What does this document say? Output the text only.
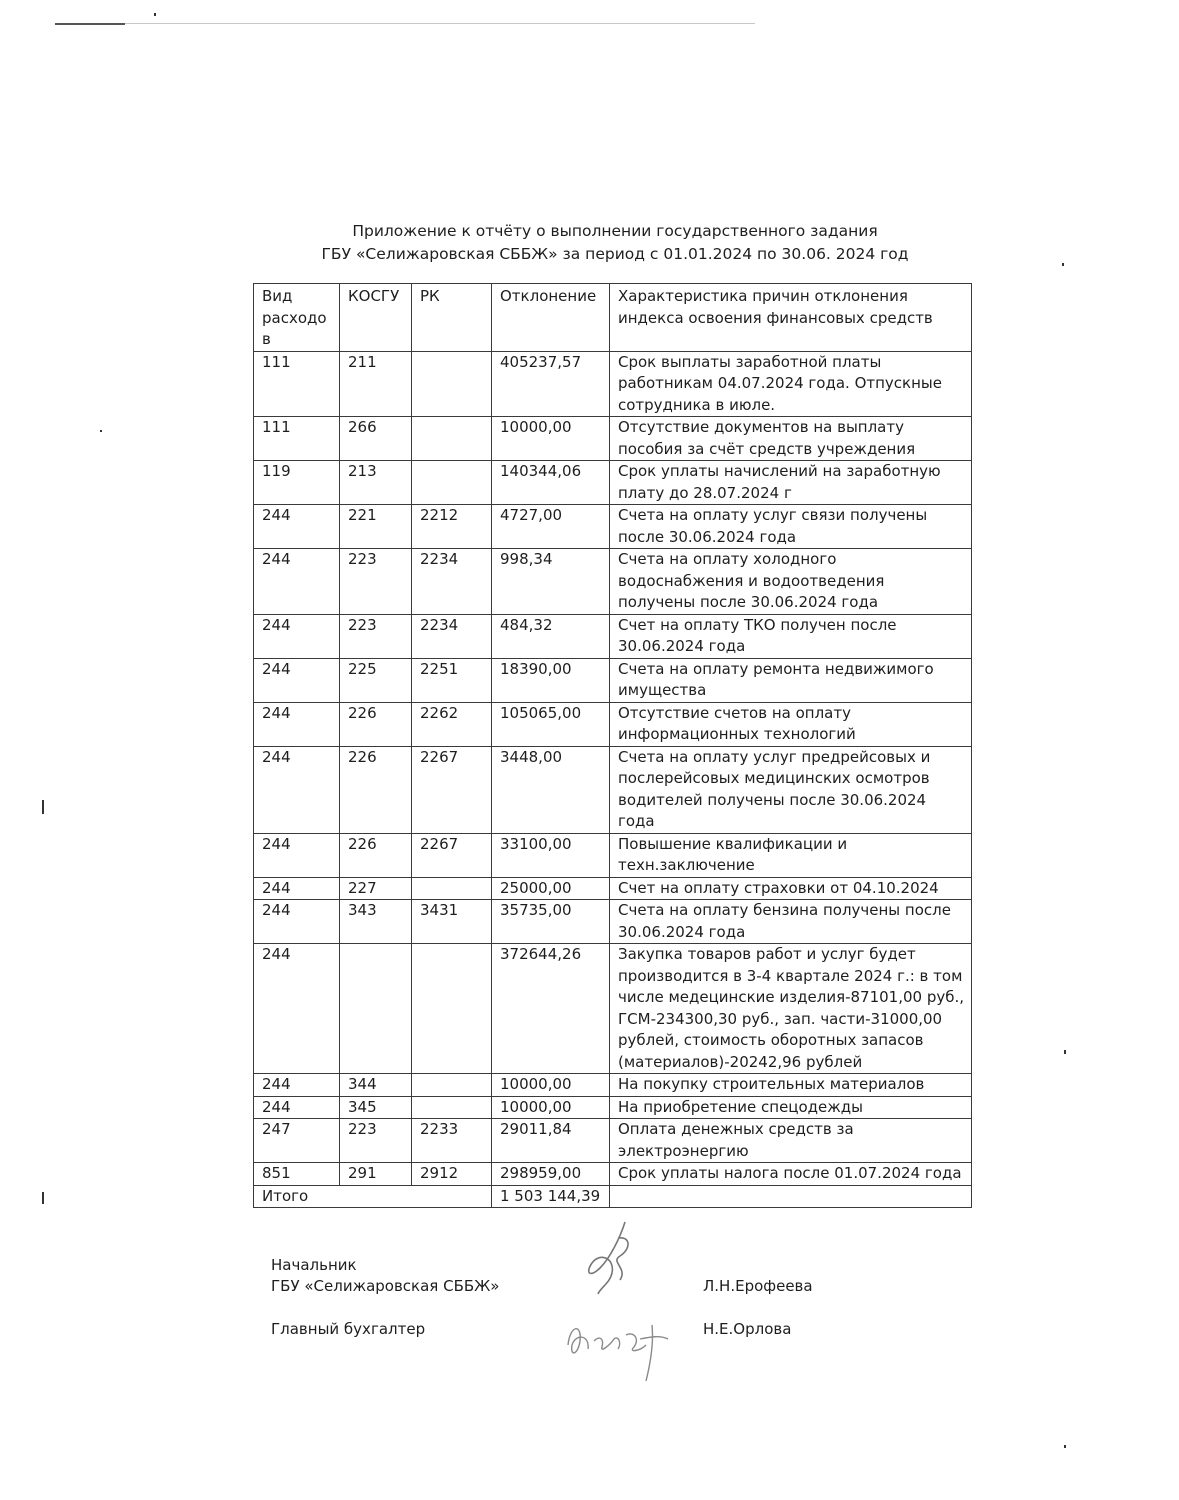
Приложение к отчёту о выполнении государственного задания
ГБУ «Селижаровская СББЖ» за период с 01.01.2024 по 30.06. 2024 год
Вид расходов	КОСГУ	РК	Отклонение	Характеристика причин отклонения индекса освоения финансовых средств
111	211		405237,57	Срок выплаты заработной платы работникам 04.07.2024 года. Отпускные сотрудника в июле.
111	266		10000,00	Отсутствие документов на выплату пособия за счёт средств учреждения
119	213		140344,06	Срок уплаты начислений на заработную плату до 28.07.2024 г
244	221	2212	4727,00	Счета на оплату услуг связи получены после 30.06.2024 года
244	223	2234	998,34	Счета на оплату холодного водоснабжения и водоотведения получены после 30.06.2024 года
244	223	2234	484,32	Счет на оплату ТКО получен после 30.06.2024 года
244	225	2251	18390,00	Счета на оплату ремонта недвижимого имущества
244	226	2262	105065,00	Отсутствие счетов на оплату информационных технологий
244	226	2267	3448,00	Счета на оплату услуг предрейсовых и послерейсовых медицинских осмотров водителей получены после 30.06.2024 года
244	226	2267	33100,00	Повышение квалификации и техн.заключение
244	227		25000,00	Счет на оплату страховки от 04.10.2024
244	343	3431	35735,00	Счета на оплату бензина получены после 30.06.2024 года
244			372644,26	Закупка товаров работ и услуг будет производится в 3-4 квартале 2024 г.: в том числе медецинские изделия-87101,00 руб., ГСМ-234300,30 руб., зап. части-31000,00 рублей, стоимость оборотных запасов (материалов)-20242,96 рублей
244	344		10000,00	На покупку строительных материалов
244	345		10000,00	На приобретение спецодежды
247	223	2233	29011,84	Оплата денежных средств за электроэнергию
851	291	2912	298959,00	Срок уплаты налога после 01.07.2024 года
Итого			1 503 144,39	
Начальник
ГБУ «Селижаровская СББЖ»	Л.Н.Ерофеева
Главный бухгалтер	Н.Е.Орлова
